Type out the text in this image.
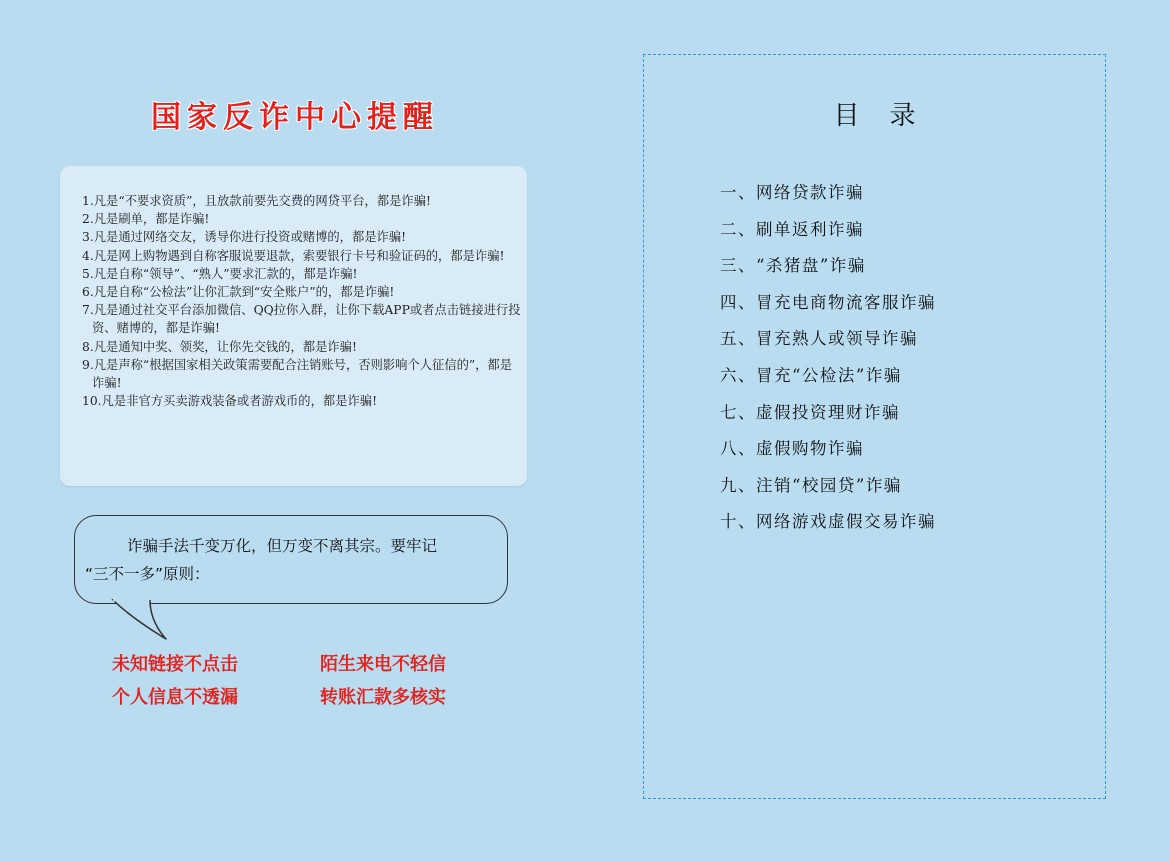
国家反诈中心提醒
1.凡是“不要求资质”，且放款前要先交费的网贷平台，都是诈骗!
2.凡是刷单，都是诈骗!
3.凡是通过网络交友，诱导你进行投资或赌博的，都是诈骗!
4.凡是网上购物遇到自称客服说要退款，索要银行卡号和验证码的，都是诈骗!
5.凡是自称“领导”、“熟人”要求汇款的，都是诈骗!
6.凡是自称“公检法”让你汇款到“安全账户”的，都是诈骗!
7.凡是通过社交平台添加微信、QQ拉你入群，让你下载APP或者点击链接进行投资、赌博的，都是诈骗!
8.凡是通知中奖、领奖，让你先交钱的，都是诈骗!
9.凡是声称“根据国家相关政策需要配合注销账号，否则影响个人征信的”，都是诈骗!
10.凡是非官方买卖游戏装备或者游戏币的，都是诈骗!
诈骗手法千变万化，但万变不离其宗。要牢记
“三不一多”原则：
未知链接不点击	陌生来电不轻信
个人信息不透漏	转账汇款多核实
目录
一、网络贷款诈骗
二、刷单返利诈骗
三、“杀猪盘”诈骗
四、冒充电商物流客服诈骗
五、冒充熟人或领导诈骗
六、冒充“公检法”诈骗
七、虚假投资理财诈骗
八、虚假购物诈骗
九、注销“校园贷”诈骗
十、网络游戏虚假交易诈骗
